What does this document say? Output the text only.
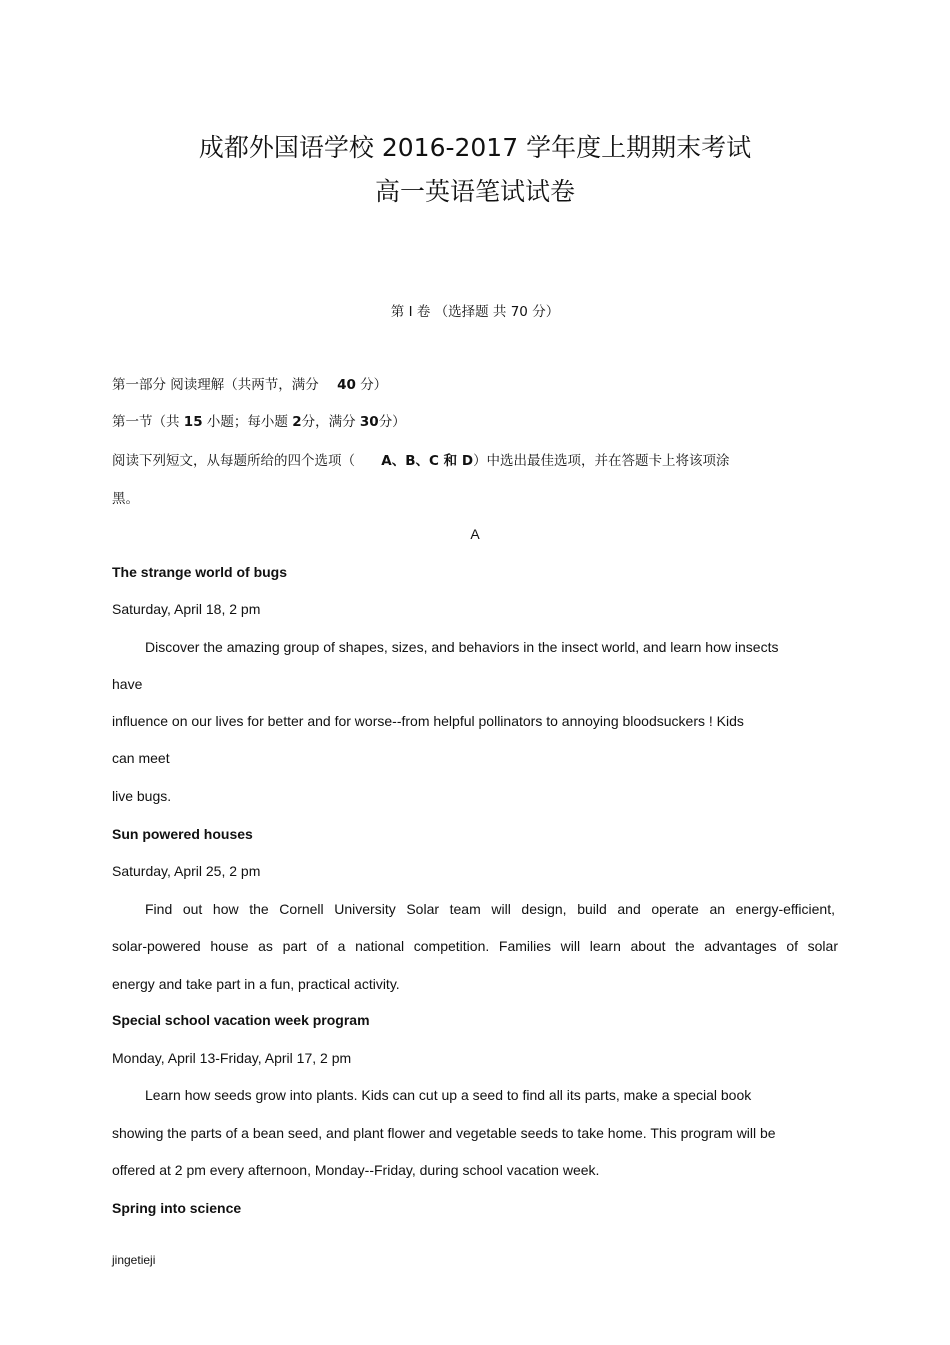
成都外国语学校 2016-2017 学年度上期期末考试
高一英语笔试试卷
第 I 卷 （选择题 共 70 分）
第一部分 阅读理解（共两节，满分 40 分）
第一节（共 15 小题；每小题 2分，满分 30分）
阅读下列短文，从每题所给的四个选项（ A、B、C 和 D）中选出最佳选项，并在答题卡上将该项涂
黑。
A
The strange world of bugs
Saturday, April 18, 2 pm
Discover the amazing group of shapes, sizes, and behaviors in the insect world, and learn how insects
have
influence on our lives for better and for worse--from helpful pollinators to annoying bloodsuckers ! Kids
can meet
live bugs.
Sun powered houses
Saturday, April 25, 2 pm
Find out how the Cornell University Solar team will design, build and operate an energy-efficient,
solar-powered house as part of a national competition. Families will learn about the advantages of solar
energy and take part in a fun, practical activity.
Special school vacation week program
Monday, April 13-Friday, April 17, 2 pm
Learn how seeds grow into plants. Kids can cut up a seed to find all its parts, make a special book
showing the parts of a bean seed, and plant flower and vegetable seeds to take home. This program will be
offered at 2 pm every afternoon, Monday--Friday, during school vacation week.
Spring into science
jingetieji
